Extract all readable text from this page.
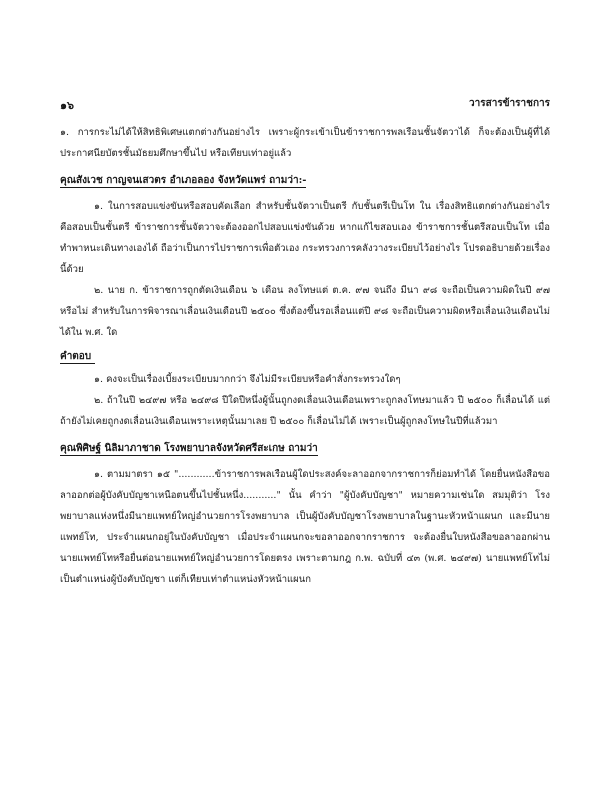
๑๖	วารสารข้าราชการ

๑. การกระไม่ได้ให้สิทธิพิเศษแตกต่างกันอย่างไร เพราะผู้กระเข้าเป็นข้าราชการพลเรือนชั้นจัตวาได้ ก็จะต้องเป็นผู้ที่ได้ประกาศนียบัตรชั้นมัธยมศึกษาขึ้นไป หรือเทียบเท่าอยู่แล้ว

คุณสังเวช กาญจนเสวตร อำเภอลอง จังหวัดแพร่ ถามว่า:-

๑. ในการสอบแข่งขันหรือสอบคัดเลือก สำหรับชั้นจัตวาเป็นตรี กับชั้นตรีเป็นโท ใน เรื่องสิทธิแตกต่างกันอย่างไร คือสอบเป็นชั้นตรี ข้าราชการชั้นจัตวาจะต้องออกไปสอบแข่งขันด้วย หากแก้ไขสอบเอง ข้าราชการชั้นตรีสอบเป็นโท เมื่อทำพาหนะเดินทางเองได้ ถือว่าเป็นการไปราชการเพื่อตัวเอง กระทรวงการคลังวางระเบียบไว้อย่างไร โปรดอธิบายด้วยเรื่องนี้ด้วย

๒. นาย ก. ข้าราชการถูกตัดเงินเดือน ๖ เดือน ลงโทษแต่ ต.ค. ๙๗ จนถึง มีนา ๙๘ จะถือเป็นความผิดในปี ๙๗ หรือไม่ สำหรับในการพิจารณาเลื่อนเงินเดือนปี ๒๕๐๐ ซึ่งต้องขึ้นรอเลื่อนแต่ปี ๙๘ จะถือเป็นความผิดหรือเลื่อนเงินเดือนไม่ได้ใน พ.ศ. ใด

คำตอบ

๑. คงจะเป็นเรื่องเบี้ยงระเบียบมากกว่า จึงไม่มีระเบียบหรือคำสั่งกระทรวงใดๆ

๒. ถ้าในปี ๒๔๙๗ หรือ ๒๔๙๘ ปีใดปีหนึ่งผู้นั้นถูกงดเลื่อนเงินเดือนเพราะถูกลงโทษมาแล้ว ปี ๒๕๐๐ ก็เลื่อนได้ แต่ถ้ายังไม่เคยถูกงดเลื่อนเงินเดือนเพราะเหตุนั้นมาเลย ปี ๒๕๐๐ ก็เลื่อนไม่ได้ เพราะเป็นผู้ถูกลงโทษในปีที่แล้วมา

คุณพิศิษฐ์ นิลิมาภาชาด โรงพยาบาลจังหวัดศรีสะเกษ ถามว่า

๑. ตามมาตรา ๑๕ "............ข้าราชการพลเรือนผู้ใดประสงค์จะลาออกจากราชการก็ย่อมทำได้ โดยยื่นหนังสือขอลาออกต่อผู้บังคับบัญชาเหนือตนขึ้นไปชั้นหนึ่ง..........." นั้น คำว่า "ผู้บังคับบัญชา" หมายความเช่นใด สมมุติว่า โรงพยาบาลแห่งหนึ่งมีนายแพทย์ใหญ่อำนวยการโรงพยาบาล เป็นผู้บังคับบัญชาโรงพยาบาลในฐานะหัวหน้าแผนก และมีนายแพทย์โท, ประจำแผนกอยู่ในบังคับบัญชา เมื่อประจำแผนกจะขอลาออกจากราชการ จะต้องยื่นใบหนังสือขอลาออกผ่านนายแพทย์โทหรือยื่นต่อนายแพทย์ใหญ่อำนวยการโดยตรง เพราะตามกฎ ก.พ. ฉบับที่ ๔๓ (พ.ศ. ๒๔๙๗) นายแพทย์โทไม่เป็นตำแหน่งผู้บังคับบัญชา แต่ก็เทียบเท่าตำแหน่งหัวหน้าแผนก
